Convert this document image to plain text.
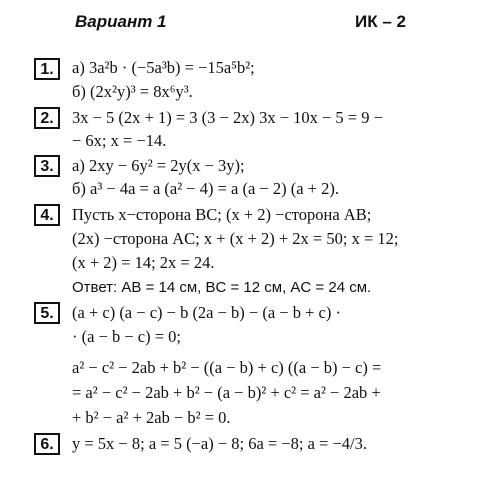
Вариант 1	ИК – 2
1.	а) 3a²b · (−5a³b) = −15a⁵b²;
б) (2x²y)³ = 8x⁶y³.
2.	3x − 5 (2x + 1) = 3 (3 − 2x) 3x − 10x − 5 = 9 −
− 6x; x = −14.
3.	а) 2xy − 6y² = 2y(x − 3y);
б) a³ − 4a = a (a² − 4) = a (a − 2) (a + 2).
4.	Пусть x−сторона BC; (x + 2) −сторона AB;
(2x) −сторона AC; x + (x + 2) + 2x = 50; x = 12;
(x + 2) = 14; 2x = 24.
Ответ: AB = 14 см, BC = 12 см, AC = 24 см.
5.	(a + c) (a − c) − b (2a − b) − (a − b + c) ·
· (a − b − c) = 0;
a² − c² − 2ab + b² − ((a − b) + c) ((a − b) − c) =
= a² − c² − 2ab + b² − (a − b)² + c² = a² − 2ab +
+ b² − a² + 2ab − b² = 0.
6.	y = 5x − 8; a = 5 (−a) − 8; 6a = −8; a = −4/3.
